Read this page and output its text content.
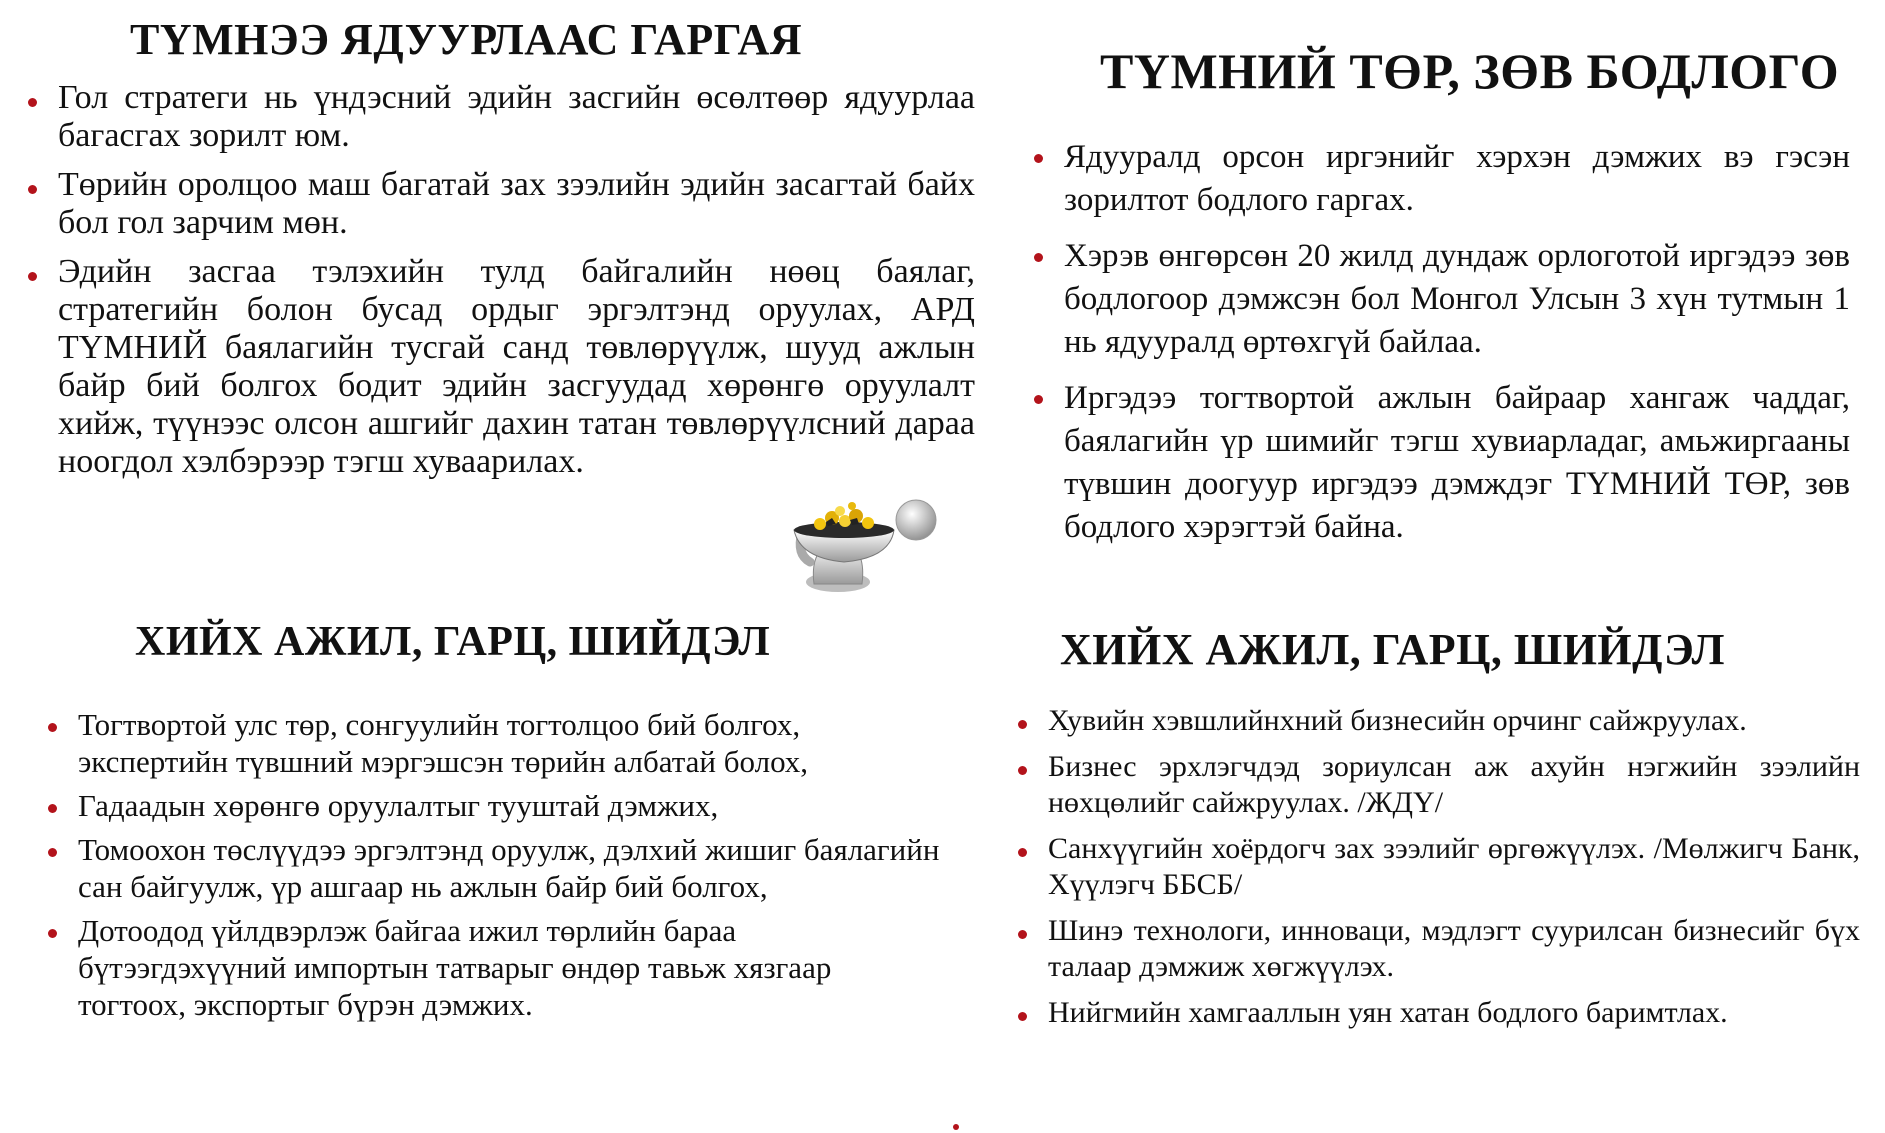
ТҮМНЭЭ ЯДУУРЛААС ГАРГАЯ
Гол стратеги нь үндэсний эдийн засгийн өсөлтөөр ядуурлаа багасгах зорилт юм.
Төрийн оролцоо маш багатай зах зээлийн эдийн засагтай байх бол гол зарчим мөн.
Эдийн засгаа тэлэхийн тулд байгалийн нөөц баялаг, стратегийн болон бусад ордыг эргэлтэнд оруулах, АРД ТҮМНИЙ баялагийн тусгай санд төвлөрүүлж, шууд ажлын байр бий болгох бодит эдийн засгуудад хөрөнгө оруулалт хийж, түүнээс олсон ашгийг дахин татан төвлөрүүлсний дараа ноогдол хэлбэрээр тэгш хуваарилах.
ТҮМНИЙ ТӨР, ЗӨВ БОДЛОГО
Ядууралд орсон иргэнийг хэрхэн дэмжих вэ гэсэн зорилтот бодлого гаргах.
Хэрэв өнгөрсөн 20 жилд дундаж орлоготой иргэдээ зөв бодлогоор дэмжсэн бол Монгол Улсын 3 хүн тутмын 1 нь ядууралд өртөхгүй байлаа.
Иргэдээ тогтвортой ажлын байраар хангаж чаддаг, баялагийн үр шимийг тэгш хувиарладаг, амьжиргааны түвшин доогуур иргэдээ дэмждэг ТҮМНИЙ ТӨР, зөв бодлого хэрэгтэй байна.
ХИЙХ АЖИЛ, ГАРЦ, ШИЙДЭЛ
Тогтвортой улс төр, сонгуулийн тогтолцоо бий болгох, экспертийн түвшний мэргэшсэн төрийн албатай болох,
Гадаадын хөрөнгө оруулалтыг тууштай дэмжих,
Томоохон төслүүдээ эргэлтэнд оруулж, дэлхий жишиг баялагийн сан байгуулж, үр ашгаар нь ажлын байр бий болгох,
Дотоодод үйлдвэрлэж байгаа ижил төрлийн бараа бүтээгдэхүүний импортын татварыг өндөр тавьж хязгаар тогтоох, экспортыг бүрэн дэмжих.
ХИЙХ АЖИЛ, ГАРЦ, ШИЙДЭЛ
Хувийн хэвшлийнхний бизнесийн орчинг сайжруулах.
Бизнес эрхлэгчдэд зориулсан аж ахуйн нэгжийн зээлийн нөхцөлийг сайжруулах. /ЖДҮ/
Санхүүгийн хоёрдогч зах зээлийг өргөжүүлэх. /Мөлжигч Банк, Хүүлэгч ББСБ/
Шинэ технологи, инноваци, мэдлэгт суурилсан бизнесийг бүх талаар дэмжиж хөгжүүлэх.
Нийгмийн хамгааллын уян хатан бодлого баримтлах.
